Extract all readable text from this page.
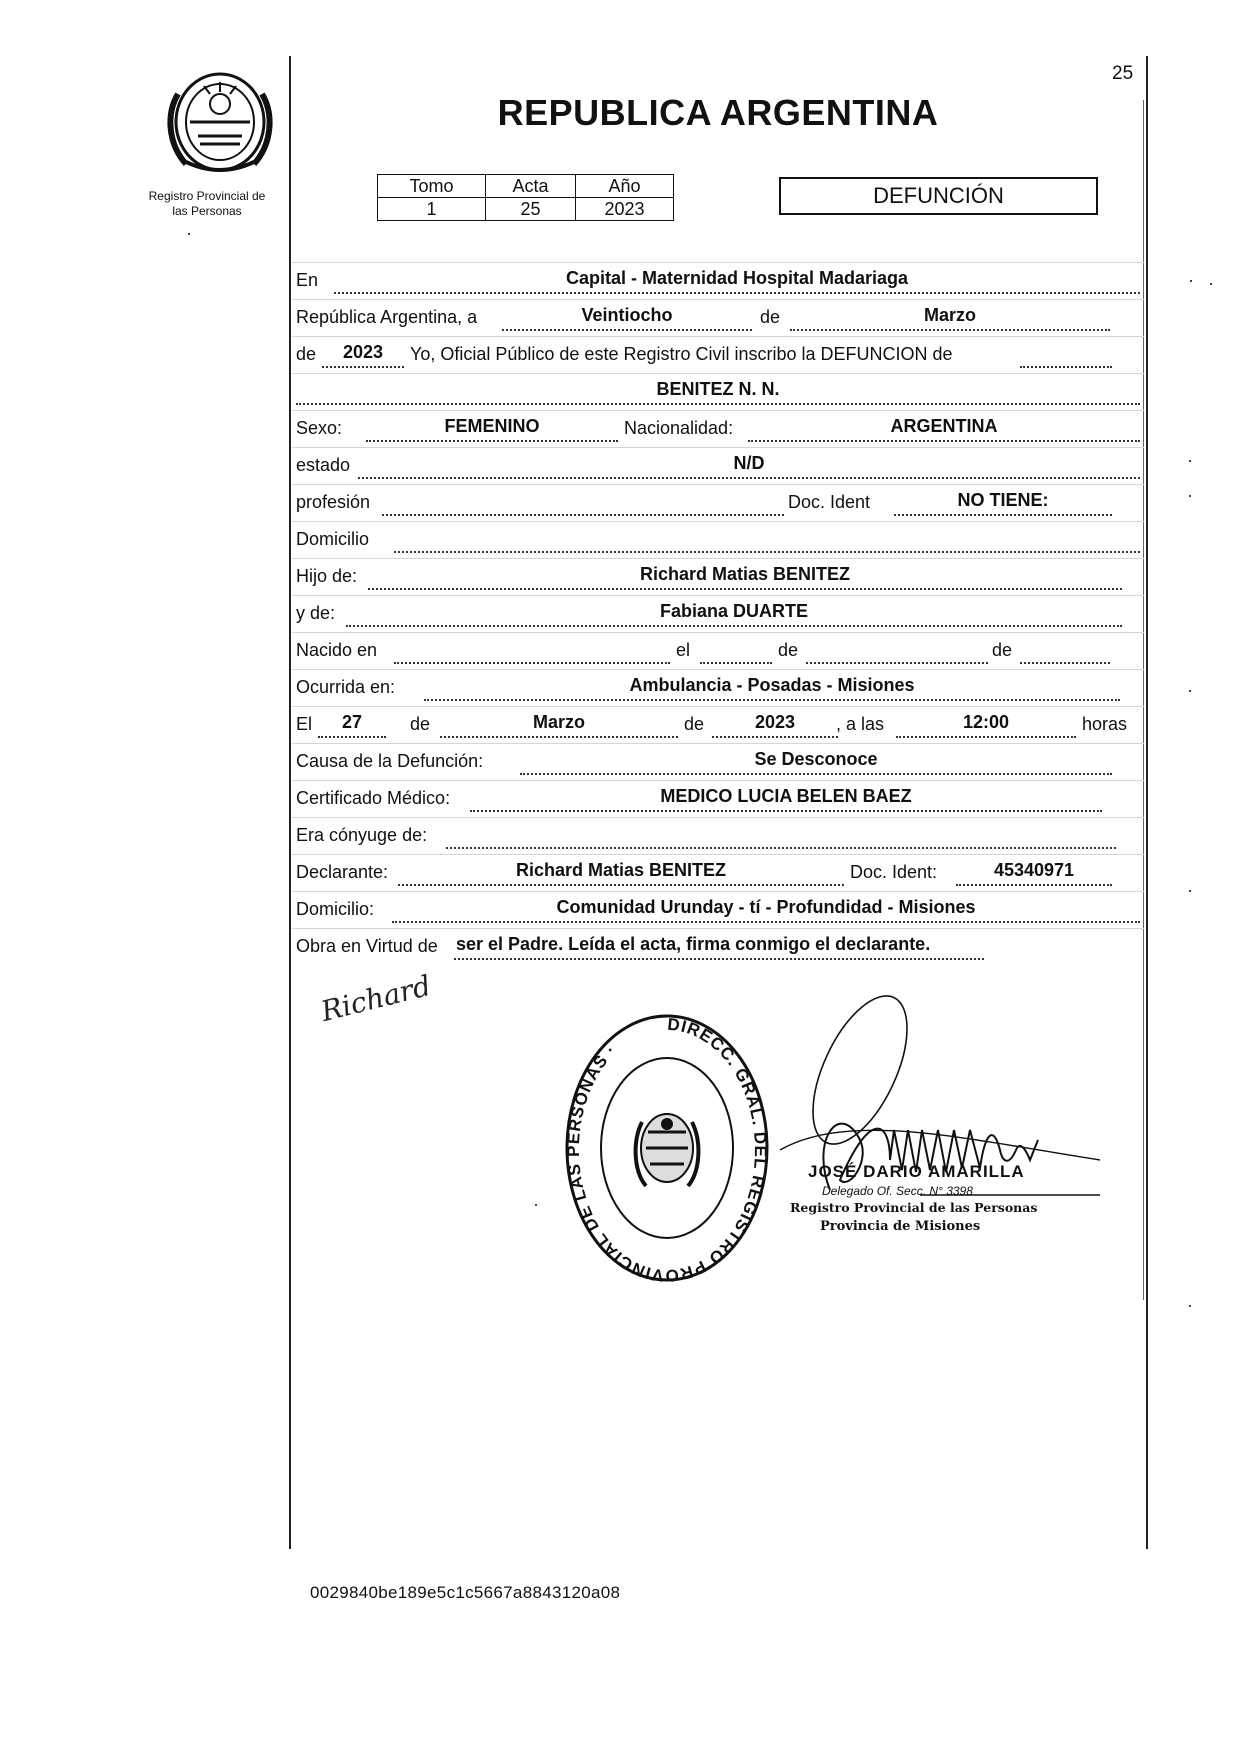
25
Registro Provincial de
las Personas
REPUBLICA ARGENTINA
Tomo	Acta	Año
1	25	2023
DEFUNCIÓN
En	Capital - Maternidad Hospital Madariaga
República Argentina, a	Veintiocho	de	Marzo
de	2023	Yo, Oficial Público de este Registro Civil inscribo la DEFUNCION de
BENITEZ N. N.
Sexo:	FEMENINO	Nacionalidad:	ARGENTINA
estado	N/D
profesión	Doc. Ident	NO TIENE:
Domicilio
Hijo de:	Richard Matias BENITEZ
y de:	Fabiana DUARTE
Nacido en	el	de	de
Ocurrida en:	Ambulancia - Posadas - Misiones
El	27	de	Marzo	de	2023	, a las	12:00	horas
Causa de la Defunción:	Se Desconoce
Certificado Médico:	MEDICO LUCIA BELEN BAEZ
Era cónyuge de:
Declarante:	Richard Matias BENITEZ	Doc. Ident:	45340971
Domicilio:	Comunidad Urunday - tí - Profundidad - Misiones
Obra en Virtud de ser el Padre. Leída el acta, firma conmigo el declarante.
Richard	DIRECC. GRAL. DEL REGISTRO PROVINCIAL DE LAS PERSONAS ·
JOSÉ DARIO AMARILLA
Delegado Of. Secc. N° 3398
Registro Provincial de las Personas
Provincia de Misiones
0029840be189e5c1c5667a8843120a08
